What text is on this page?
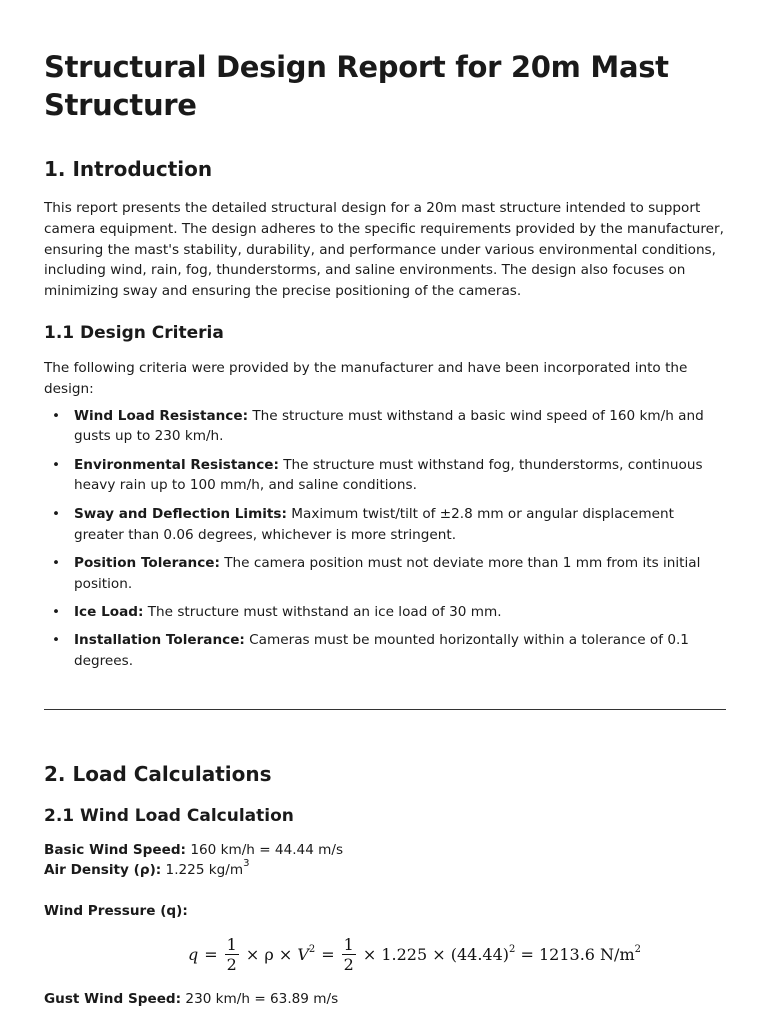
Structural Design Report for 20m Mast Structure
1. Introduction

This report presents the detailed structural design for a 20m mast structure intended to support camera equipment. The design adheres to the specific requirements provided by the manufacturer, ensuring the mast's stability, durability, and performance under various environmental conditions, including wind, rain, fog, thunderstorms, and saline environments. The design also focuses on minimizing sway and ensuring the precise positioning of the cameras.

1.1 Design Criteria

The following criteria were provided by the manufacturer and have been incorporated into the design:

• Wind Load Resistance: The structure must withstand a basic wind speed of 160 km/h and gusts up to 230 km/h.
• Environmental Resistance: The structure must withstand fog, thunderstorms, continuous heavy rain up to 100 mm/h, and saline conditions.
• Sway and Deflection Limits: Maximum twist/tilt of ±2.8 mm or angular displacement greater than 0.06 degrees, whichever is more stringent.
• Position Tolerance: The camera position must not deviate more than 1 mm from its initial position.
• Ice Load: The structure must withstand an ice load of 30 mm.
• Installation Tolerance: Cameras must be mounted horizontally within a tolerance of 0.1 degrees.
2. Load Calculations
2.1 Wind Load Calculation
Basic Wind Speed: 160 km/h = 44.44 m/s
Air Density (ρ): 1.225 $kg/m^3$
Wind Pressure (q):
$q = \frac{1}{2} \times \rho \times V^2 = \frac{1}{2} \times 1.225 \times (44.44)^2 = 1213.6$ $N/m^2$
Gust Wind Speed: 230 km/h = 63.89 m/s
